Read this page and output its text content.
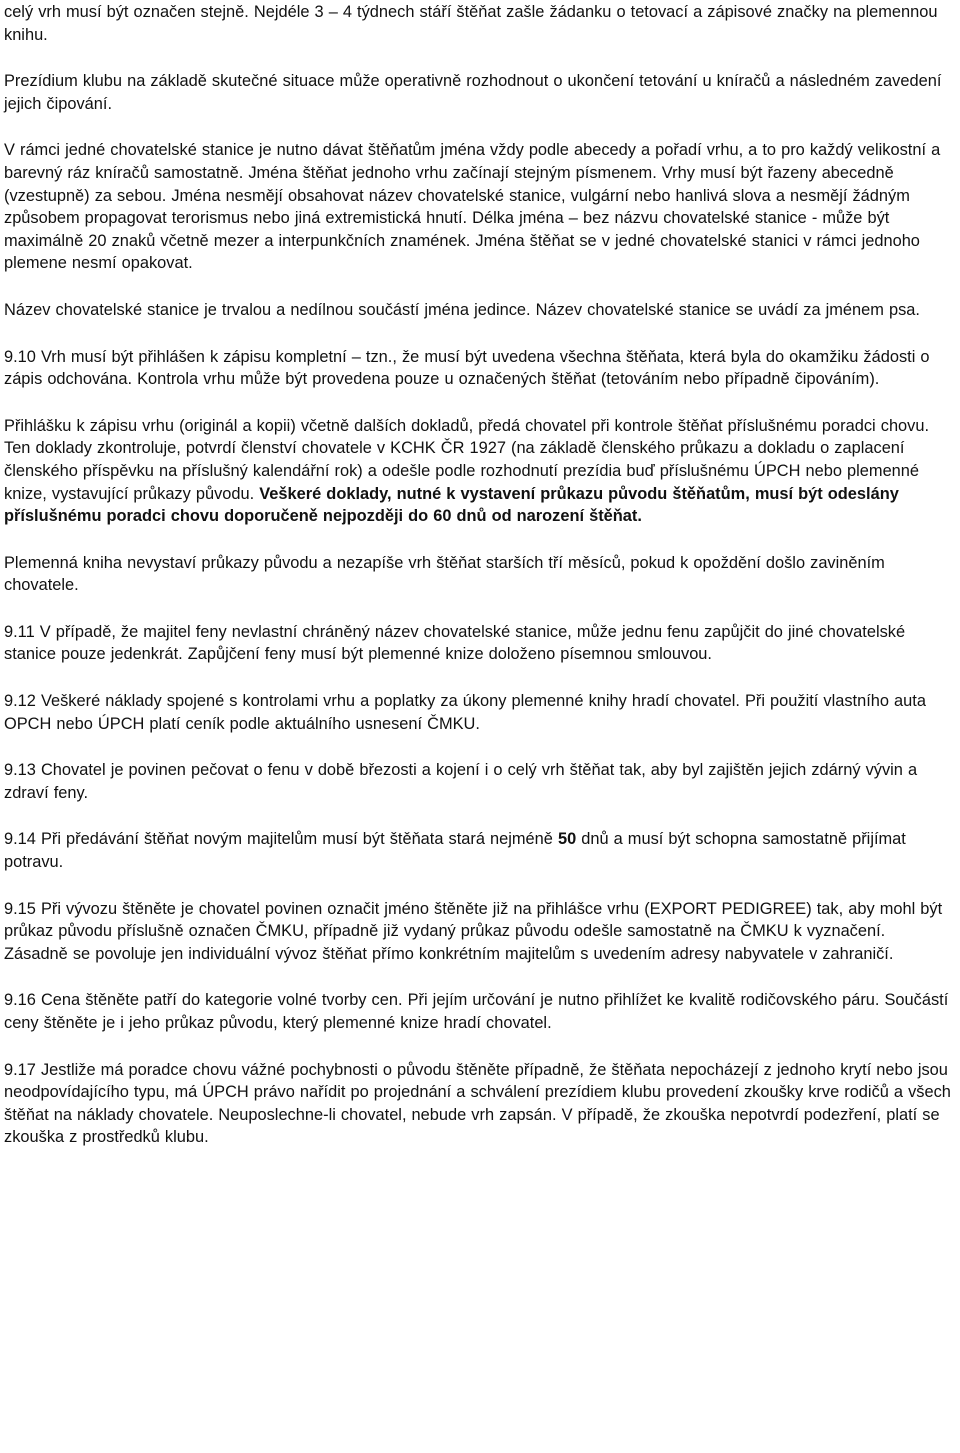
celý vrh musí být označen stejně. Nejdéle 3 – 4 týdnech stáří štěňat zašle žádanku o tetovací a zápisové značky na plemennou knihu.

Prezídium klubu na základě skutečné situace může operativně rozhodnout o ukončení tetování u kníračů a následném zavedení jejich čipování.

V rámci jedné chovatelské stanice je nutno dávat štěňatům jména vždy podle abecedy a pořadí vrhu, a to pro každý velikostní a barevný ráz kníračů samostatně. Jména štěňat jednoho vrhu začínají stejným písmenem. Vrhy musí být řazeny abecedně (vzestupně) za sebou. Jména nesmějí obsahovat název chovatelské stanice, vulgární nebo hanlivá slova a nesmějí žádným způsobem propagovat terorismus nebo jiná extremistická hnutí. Délka jména – bez názvu chovatelské stanice - může být maximálně 20 znaků včetně mezer a interpunkčních znamének. Jména štěňat se v jedné chovatelské stanici v rámci jednoho plemene nesmí opakovat.

Název chovatelské stanice je trvalou a nedílnou součástí jména jedince. Název chovatelské stanice se uvádí za jménem psa.

9.10 Vrh musí být přihlášen k zápisu kompletní – tzn., že musí být uvedena všechna štěňata, která byla do okamžiku žádosti o zápis odchována. Kontrola vrhu může být provedena pouze u označených štěňat (tetováním nebo případně čipováním).

Přihlášku k zápisu vrhu (originál a kopii) včetně dalších dokladů, předá chovatel při kontrole štěňat příslušnému poradci chovu. Ten doklady zkontroluje, potvrdí členství chovatele v KCHK ČR 1927 (na základě členského průkazu a dokladu o zaplacení členského příspěvku na příslušný kalendářní rok) a odešle podle rozhodnutí prezídia buď příslušnému ÚPCH nebo plemenné knize, vystavující průkazy původu. Veškeré doklady, nutné k vystavení průkazu původu štěňatům, musí být odeslány příslušnému poradci chovu doporučeně nejpozději do 60 dnů od narození štěňat.

Plemenná kniha nevystaví průkazy původu a nezapíše vrh štěňat starších tří měsíců, pokud k opoždění došlo zaviněním chovatele.

9.11 V případě, že majitel feny nevlastní chráněný název chovatelské stanice, může jednu fenu zapůjčit do jiné chovatelské stanice pouze jedenkrát. Zapůjčení feny musí být plemenné knize doloženo písemnou smlouvou.

9.12 Veškeré náklady spojené s kontrolami vrhu a poplatky za úkony plemenné knihy hradí chovatel. Při použití vlastního auta OPCH nebo ÚPCH platí ceník podle aktuálního usnesení ČMKU.

9.13 Chovatel je povinen pečovat o fenu v době březosti a kojení i o celý vrh štěňat tak, aby byl zajištěn jejich zdárný vývin a zdraví feny.

9.14 Při předávání štěňat novým majitelům musí být štěňata stará nejméně 50 dnů a musí být schopna samostatně přijímat potravu.

9.15 Při vývozu štěněte je chovatel povinen označit jméno štěněte již na přihlášce vrhu (EXPORT PEDIGREE) tak, aby mohl být průkaz původu příslušně označen ČMKU, případně již vydaný průkaz původu odešle samostatně na ČMKU k vyznačení. Zásadně se povoluje jen individuální vývoz štěňat přímo konkrétním majitelům s uvedením adresy nabyvatele v zahraničí.

9.16 Cena štěněte patří do kategorie volné tvorby cen. Při jejím určování je nutno přihlížet ke kvalitě rodičovského páru. Součástí ceny štěněte je i jeho průkaz původu, který plemenné knize hradí chovatel.

9.17 Jestliže má poradce chovu vážné pochybnosti o původu štěněte případně, že štěňata nepocházejí z jednoho krytí nebo jsou neodpovídajícího typu, má ÚPCH právo nařídit po projednání a schválení prezídiem klubu provedení zkoušky krve rodičů a všech štěňat na náklady chovatele. Neuposlechne-li chovatel, nebude vrh zapsán. V případě, že zkouška nepotvrdí podezření, platí se zkouška z prostředků klubu.
